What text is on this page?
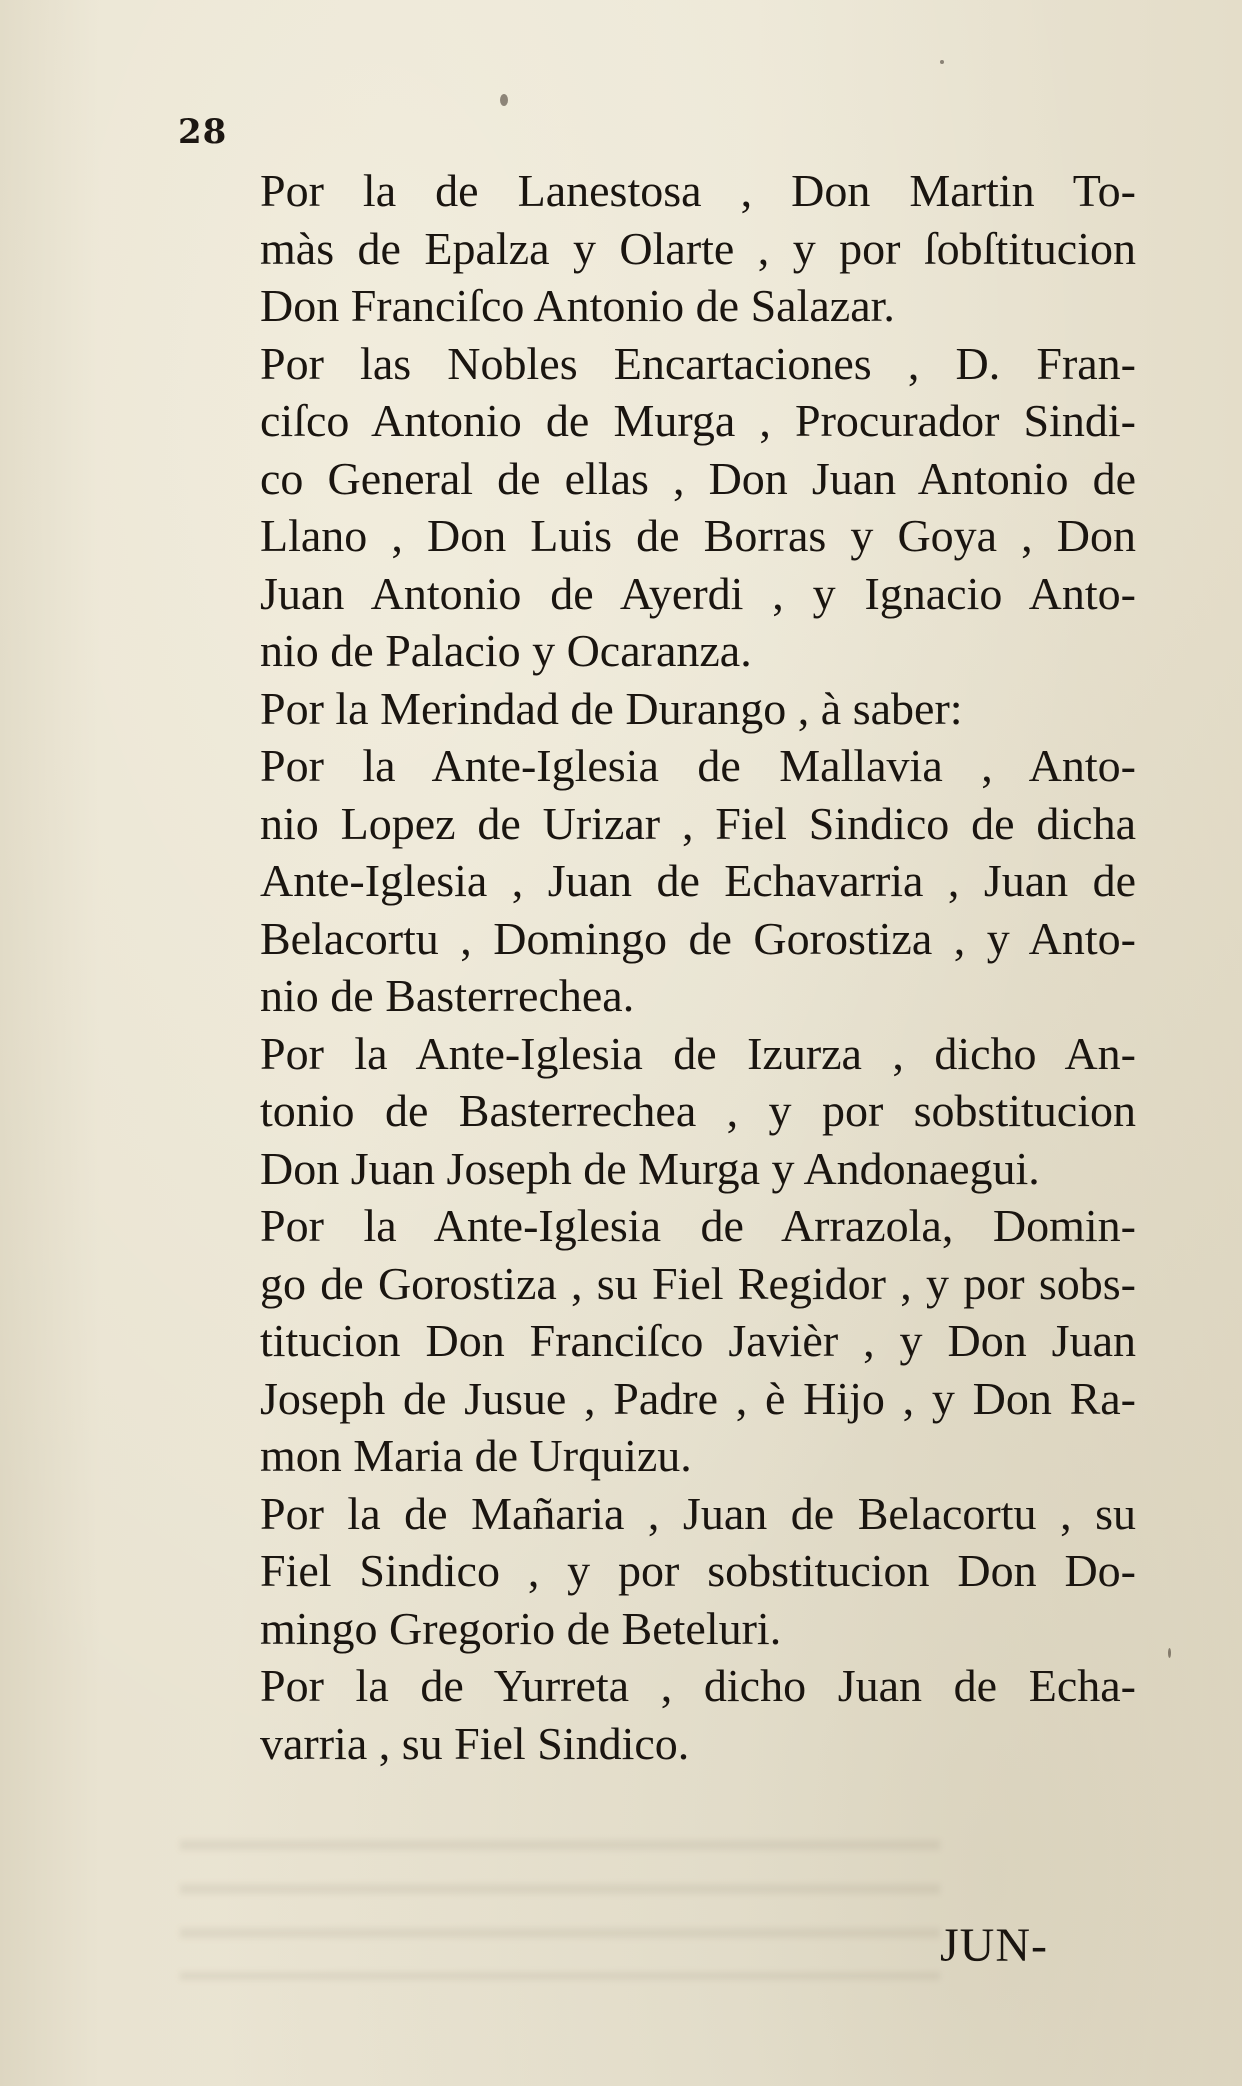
28

Por la de Lanestosa , Don Martin To-
màs de Epalza y Olarte , y por ſobſtitucion
Don Franciſco Antonio de Salazar.

Por las Nobles Encartaciones , D. Fran-
ciſco Antonio de Murga , Procurador Sindi-
co General de ellas , Don Juan Antonio de
Llano , Don Luis de Borras y Goya , Don
Juan Antonio de Ayerdi , y Ignacio Anto-
nio de Palacio y Ocaranza.

Por la Merindad de Durango , à saber:

Por la Ante-Iglesia de Mallavia , Anto-
nio Lopez de Urizar , Fiel Sindico de dicha
Ante-Iglesia , Juan de Echavarria , Juan de
Belacortu , Domingo de Gorostiza , y Anto-
nio de Basterrechea.

Por la Ante-Iglesia de Izurza , dicho An-
tonio de Basterrechea , y por sobstitucion
Don Juan Joseph de Murga y Andonaegui.

Por la Ante-Iglesia de Arrazola, Domin-
go de Gorostiza , su Fiel Regidor , y por sobs-
titucion Don Franciſco Javièr , y Don Juan
Joseph de Jusue , Padre , è Hijo , y Don Ra-
mon Maria de Urquizu.

Por la de Mañaria , Juan de Belacortu , su
Fiel Sindico , y por sobstitucion Don Do-
mingo Gregorio de Beteluri.

Por la de Yurreta , dicho Juan de Echa-
varria , su Fiel Sindico.

JUN-
